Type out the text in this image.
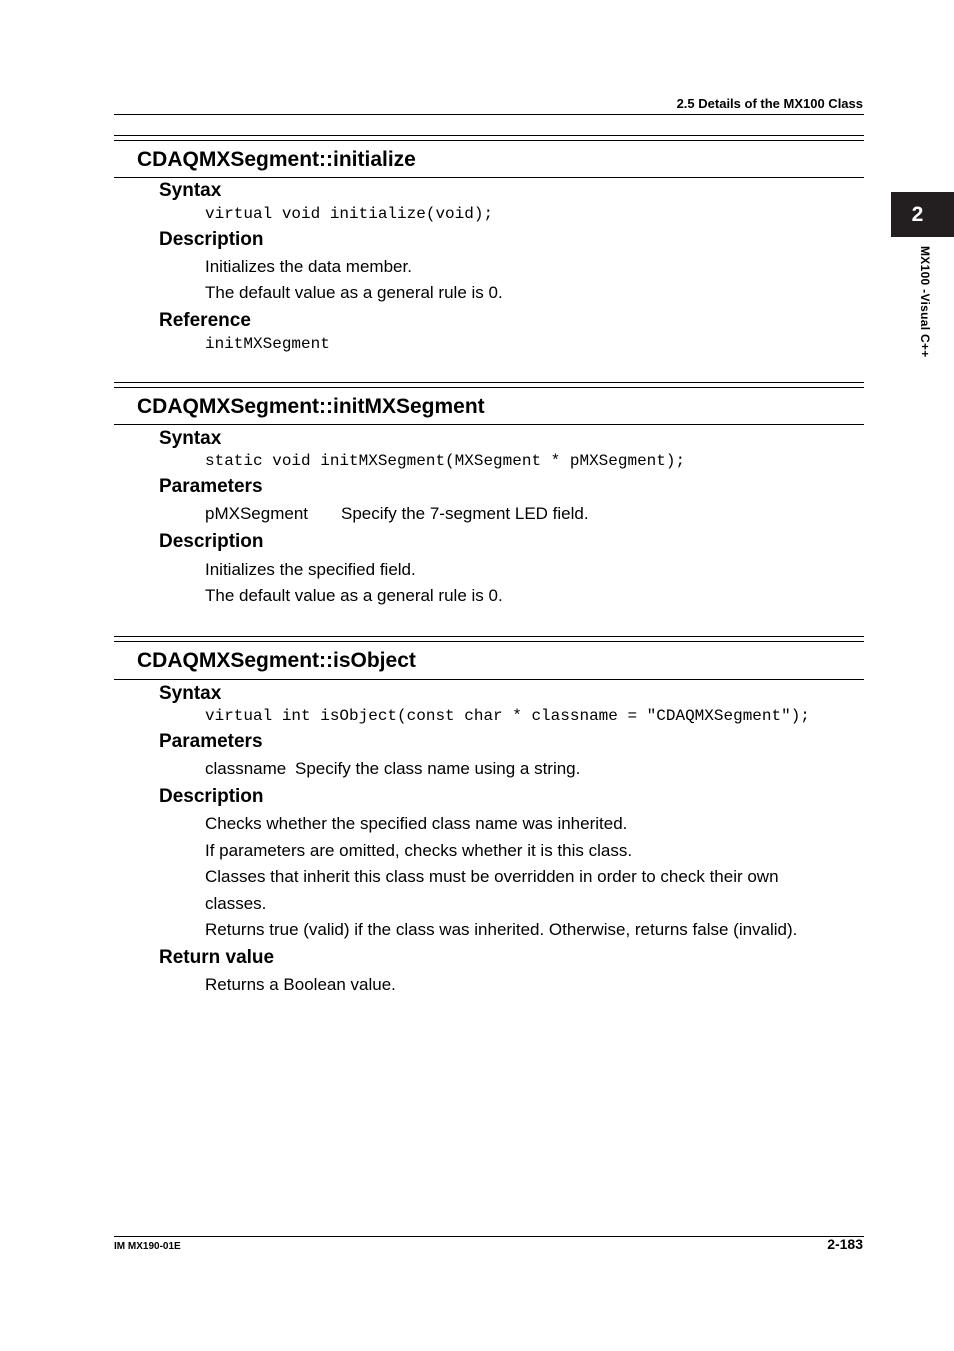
2.5 Details of the MX100 Class
2
MX100 -Visual C++
CDAQMXSegment::initialize
Syntax
virtual void initialize(void);
Description
Initializes the data member.
The default value as a general rule is 0.
Reference
initMXSegment
CDAQMXSegment::initMXSegment
Syntax
static void initMXSegment(MXSegment * pMXSegment);
Parameters
pMXSegment Specify the 7-segment LED field.
Description
Initializes the specified field.
The default value as a general rule is 0.
CDAQMXSegment::isObject
Syntax
virtual int isObject(const char * classname = "CDAQMXSegment");
Parameters
classname Specify the class name using a string.
Description
Checks whether the specified class name was inherited.
If parameters are omitted, checks whether it is this class.
Classes that inherit this class must be overridden in order to check their own
classes.
Returns true (valid) if the class was inherited. Otherwise, returns false (invalid).
Return value
Returns a Boolean value.
IM MX190-01E	2-183
